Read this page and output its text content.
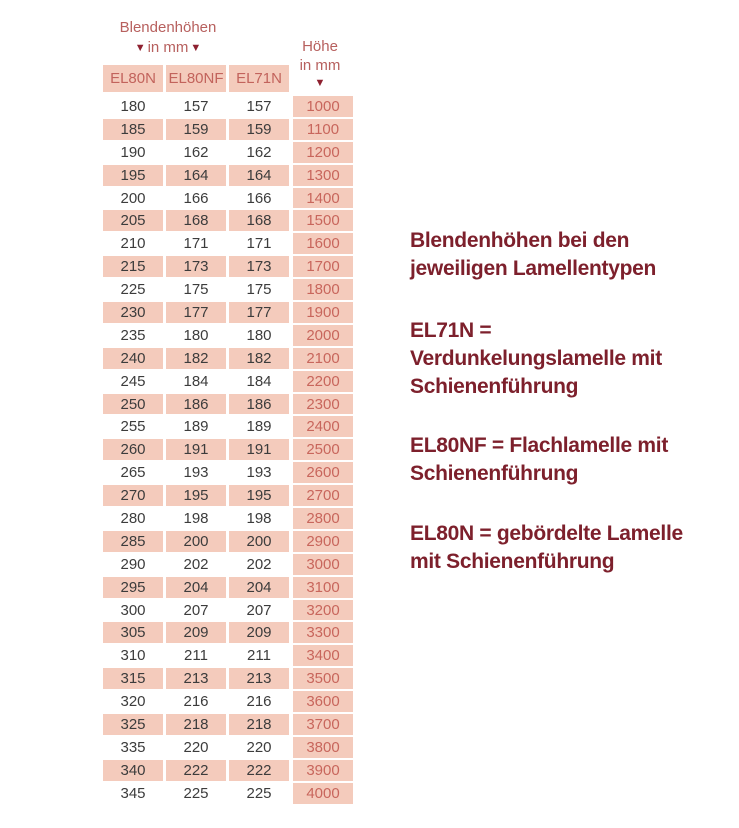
Blendenhöhen
▼ in mm ▼	Höhe
in mm
▼
EL80N EL80NF EL71N
180	157	157	1000
185	159	159	1100
190	162	162	1200
195	164	164	1300
200	166	166	1400
205	168	168	1500
210	171	171	1600
215	173	173	1700
225	175	175	1800
230	177	177	1900
235	180	180	2000
240	182	182	2100
245	184	184	2200
250	186	186	2300
255	189	189	2400
260	191	191	2500
265	193	193	2600
270	195	195	2700
280	198	198	2800
285	200	200	2900
290	202	202	3000
295	204	204	3100
300	207	207	3200
305	209	209	3300
310	211	211	3400
315	213	213	3500
320	216	216	3600
325	218	218	3700
335	220	220	3800
340	222	222	3900
345	225	225	4000
Blendenhöhen bei den
jeweiligen Lamellentypen
EL71N =
Verdunkelungslamelle mit
Schienenführung
EL80NF = Flachlamelle mit
Schienenführung
EL80N = gebördelte Lamelle
mit Schienenführung
